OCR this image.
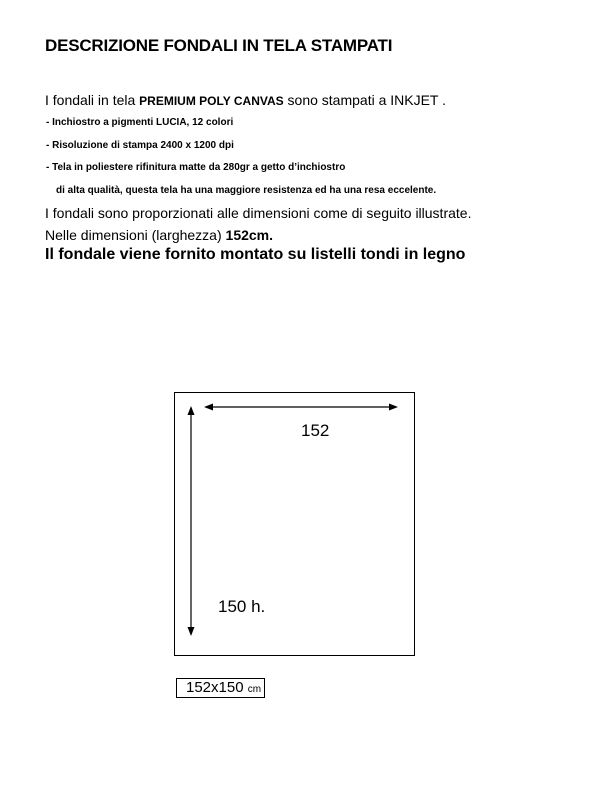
DESCRIZIONE FONDALI IN TELA STAMPATI
I fondali in tela PREMIUM POLY CANVAS sono stampati a INKJET .
- Inchiostro a pigmenti LUCIA, 12 colori
- Risoluzione di stampa 2400 x 1200 dpi
- Tela in poliestere rifinitura matte da 280gr a getto d’inchiostro
di alta qualità, questa tela ha una maggiore resistenza ed ha una resa eccelente.
I fondali sono proporzionati alle dimensioni come di seguito illustrate.
Nelle dimensioni (larghezza) 152cm.
Il fondale viene fornito montato su listelli tondi in legno
152
150 h.
152x150 cm
